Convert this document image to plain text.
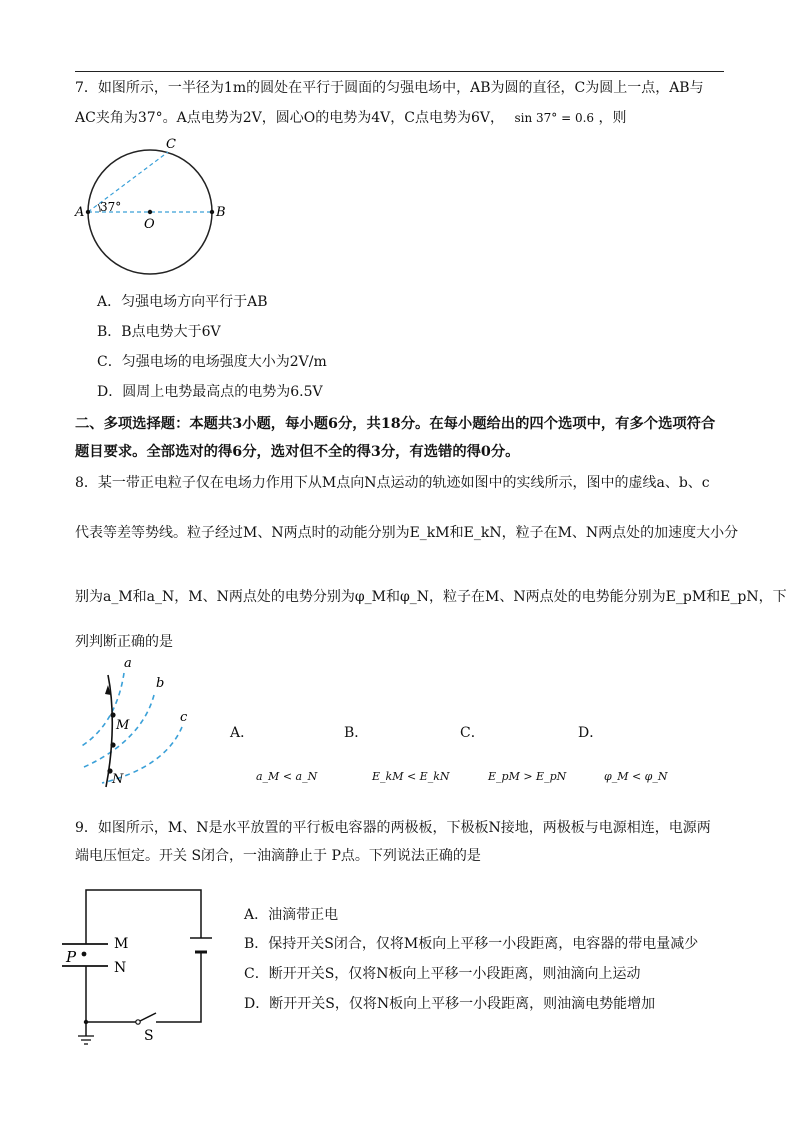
7．如图所示，一半径为1m的圆处在平行于圆面的匀强电场中，AB为圆的直径，C为圆上一点，AB与
AC夹角为37°。A点电势为2V，圆心O的电势为4V，C点电势为6V， sin 37° = 0.6 ，则
A	B
C
O
37°
A．匀强电场方向平行于AB
B．B点电势大于6V
C．匀强电场的电场强度大小为2V/m
D．圆周上电势最高点的电势为6.5V
二、多项选择题：本题共3小题，每小题6分，共18分。在每小题给出的四个选项中，有多个选项符合
题目要求。全部选对的得6分，选对但不全的得3分，有选错的得0分。
8．某一带正电粒子仅在电场力作用下从M点向N点运动的轨迹如图中的实线所示，图中的虚线a、b、c
代表等差等势线。粒子经过M、N两点时的动能分别为E_kM和E_kN，粒子在M、N两点处的加速度大小分
别为a_M和a_N，M、N两点处的电势分别为φ_M和φ_N，粒子在M、N两点处的电势能分别为E_pM和E_pN，下
列判断正确的是
a
b
c
M
N
A．	B．	C．	D．
a_M < a_N	E_kM < E_kN	E_pM > E_pN	φ_M < φ_N
9．如图所示，M、N是水平放置的平行板电容器的两极板，下极板N接地，两极板与电源相连，电源两
端电压恒定。开关 S闭合，一油滴静止于 P点。下列说法正确的是
M
N
P
S
A．油滴带正电
B．保持开关S闭合，仅将M板向上平移一小段距离，电容器的带电量减少
C．断开开关S，仅将N板向上平移一小段距离，则油滴向上运动
D．断开开关S，仅将N板向上平移一小段距离，则油滴电势能增加
